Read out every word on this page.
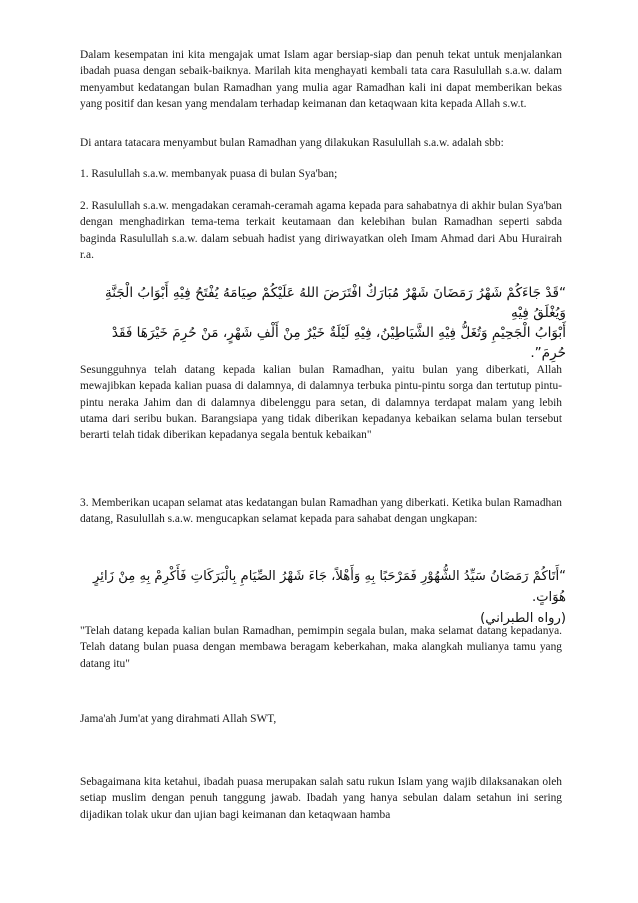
Dalam kesempatan ini kita mengajak umat Islam agar bersiap-siap dan penuh tekat untuk menjalankan ibadah puasa dengan sebaik-baiknya. Marilah kita menghayati kembali tata cara Rasulullah s.a.w. dalam menyambut kedatangan bulan Ramadhan yang mulia agar Ramadhan kali ini dapat memberikan bekas yang positif dan kesan yang mendalam terhadap keimanan dan ketaqwaan kita kepada Allah s.w.t.

Di antara tatacara menyambut bulan Ramadhan yang dilakukan Rasulullah s.a.w. adalah sbb:

1. Rasulullah s.a.w. membanyak puasa di bulan Sya'ban;

2. Rasulullah s.a.w. mengadakan ceramah-ceramah agama kepada para sahabatnya di akhir bulan Sya'ban dengan menghadirkan tema-tema terkait keutamaan dan kelebihan bulan Ramadhan seperti sabda baginda Rasulullah s.a.w. dalam sebuah hadist yang diriwayatkan oleh Imam Ahmad dari Abu Hurairah r.a.

“قَدْ جَاءَكُمْ شَهْرُ رَمَضَانَ شَهْرٌ مُبَارَكٌ افْتَرَضَ اللهُ عَلَيْكُمْ صِيَامَهُ يُفْتَحُ فِيْهِ أَبْوَابُ الْجَنَّةِ وَيُغْلَقُ فِيْهِ
أَبْوَابُ الْجَحِيْمِ وَتُغَلُّ فِيْهِ الشَّيَاطِيْنُ، فِيْهِ لَيْلَةٌ خَيْرٌ مِنْ أَلْفِ شَهْرٍ، مَنْ حُرِمَ خَيْرَهَا فَقَدْ حُرِمَ”.

Sesungguhnya telah datang kepada kalian bulan Ramadhan, yaitu bulan yang diberkati, Allah mewajibkan kepada kalian puasa di dalamnya, di dalamnya terbuka pintu-pintu sorga dan tertutup pintu-pintu neraka Jahim dan di dalamnya dibelenggu para setan, di dalamnya terdapat malam yang lebih utama dari seribu bukan. Barangsiapa yang tidak diberikan kepadanya kebaikan selama bulan tersebut berarti telah tidak diberikan kepadanya segala bentuk kebaikan"

3. Memberikan ucapan selamat atas kedatangan bulan Ramadhan yang diberkati. Ketika bulan Ramadhan datang, Rasulullah s.a.w. mengucapkan selamat kepada para sahabat dengan ungkapan:

“أَتَاكُمْ رَمَضَانُ سَيِّدُ الشُّهُوْرِ فَمَرْحَبًا بِهِ وَأَهْلاً، جَاءَ شَهْرُ الصِّيَامِ بِالْبَرَكَاتِ فَأَكْرِمْ بِهِ مِنْ زَائِرٍ هُوَاتٍ.
(رواه الطبراني)

"Telah datang kepada kalian bulan Ramadhan, pemimpin segala bulan, maka selamat datang kepadanya. Telah datang bulan puasa dengan membawa beragam keberkahan, maka alangkah mulianya tamu yang datang itu"

Jama'ah Jum'at yang dirahmati Allah SWT,

Sebagaimana kita ketahui, ibadah puasa merupakan salah satu rukun Islam yang wajib dilaksanakan oleh setiap muslim dengan penuh tanggung jawab. Ibadah yang hanya sebulan dalam setahun ini sering dijadikan tolak ukur dan ujian bagi keimanan dan ketaqwaan hamba
